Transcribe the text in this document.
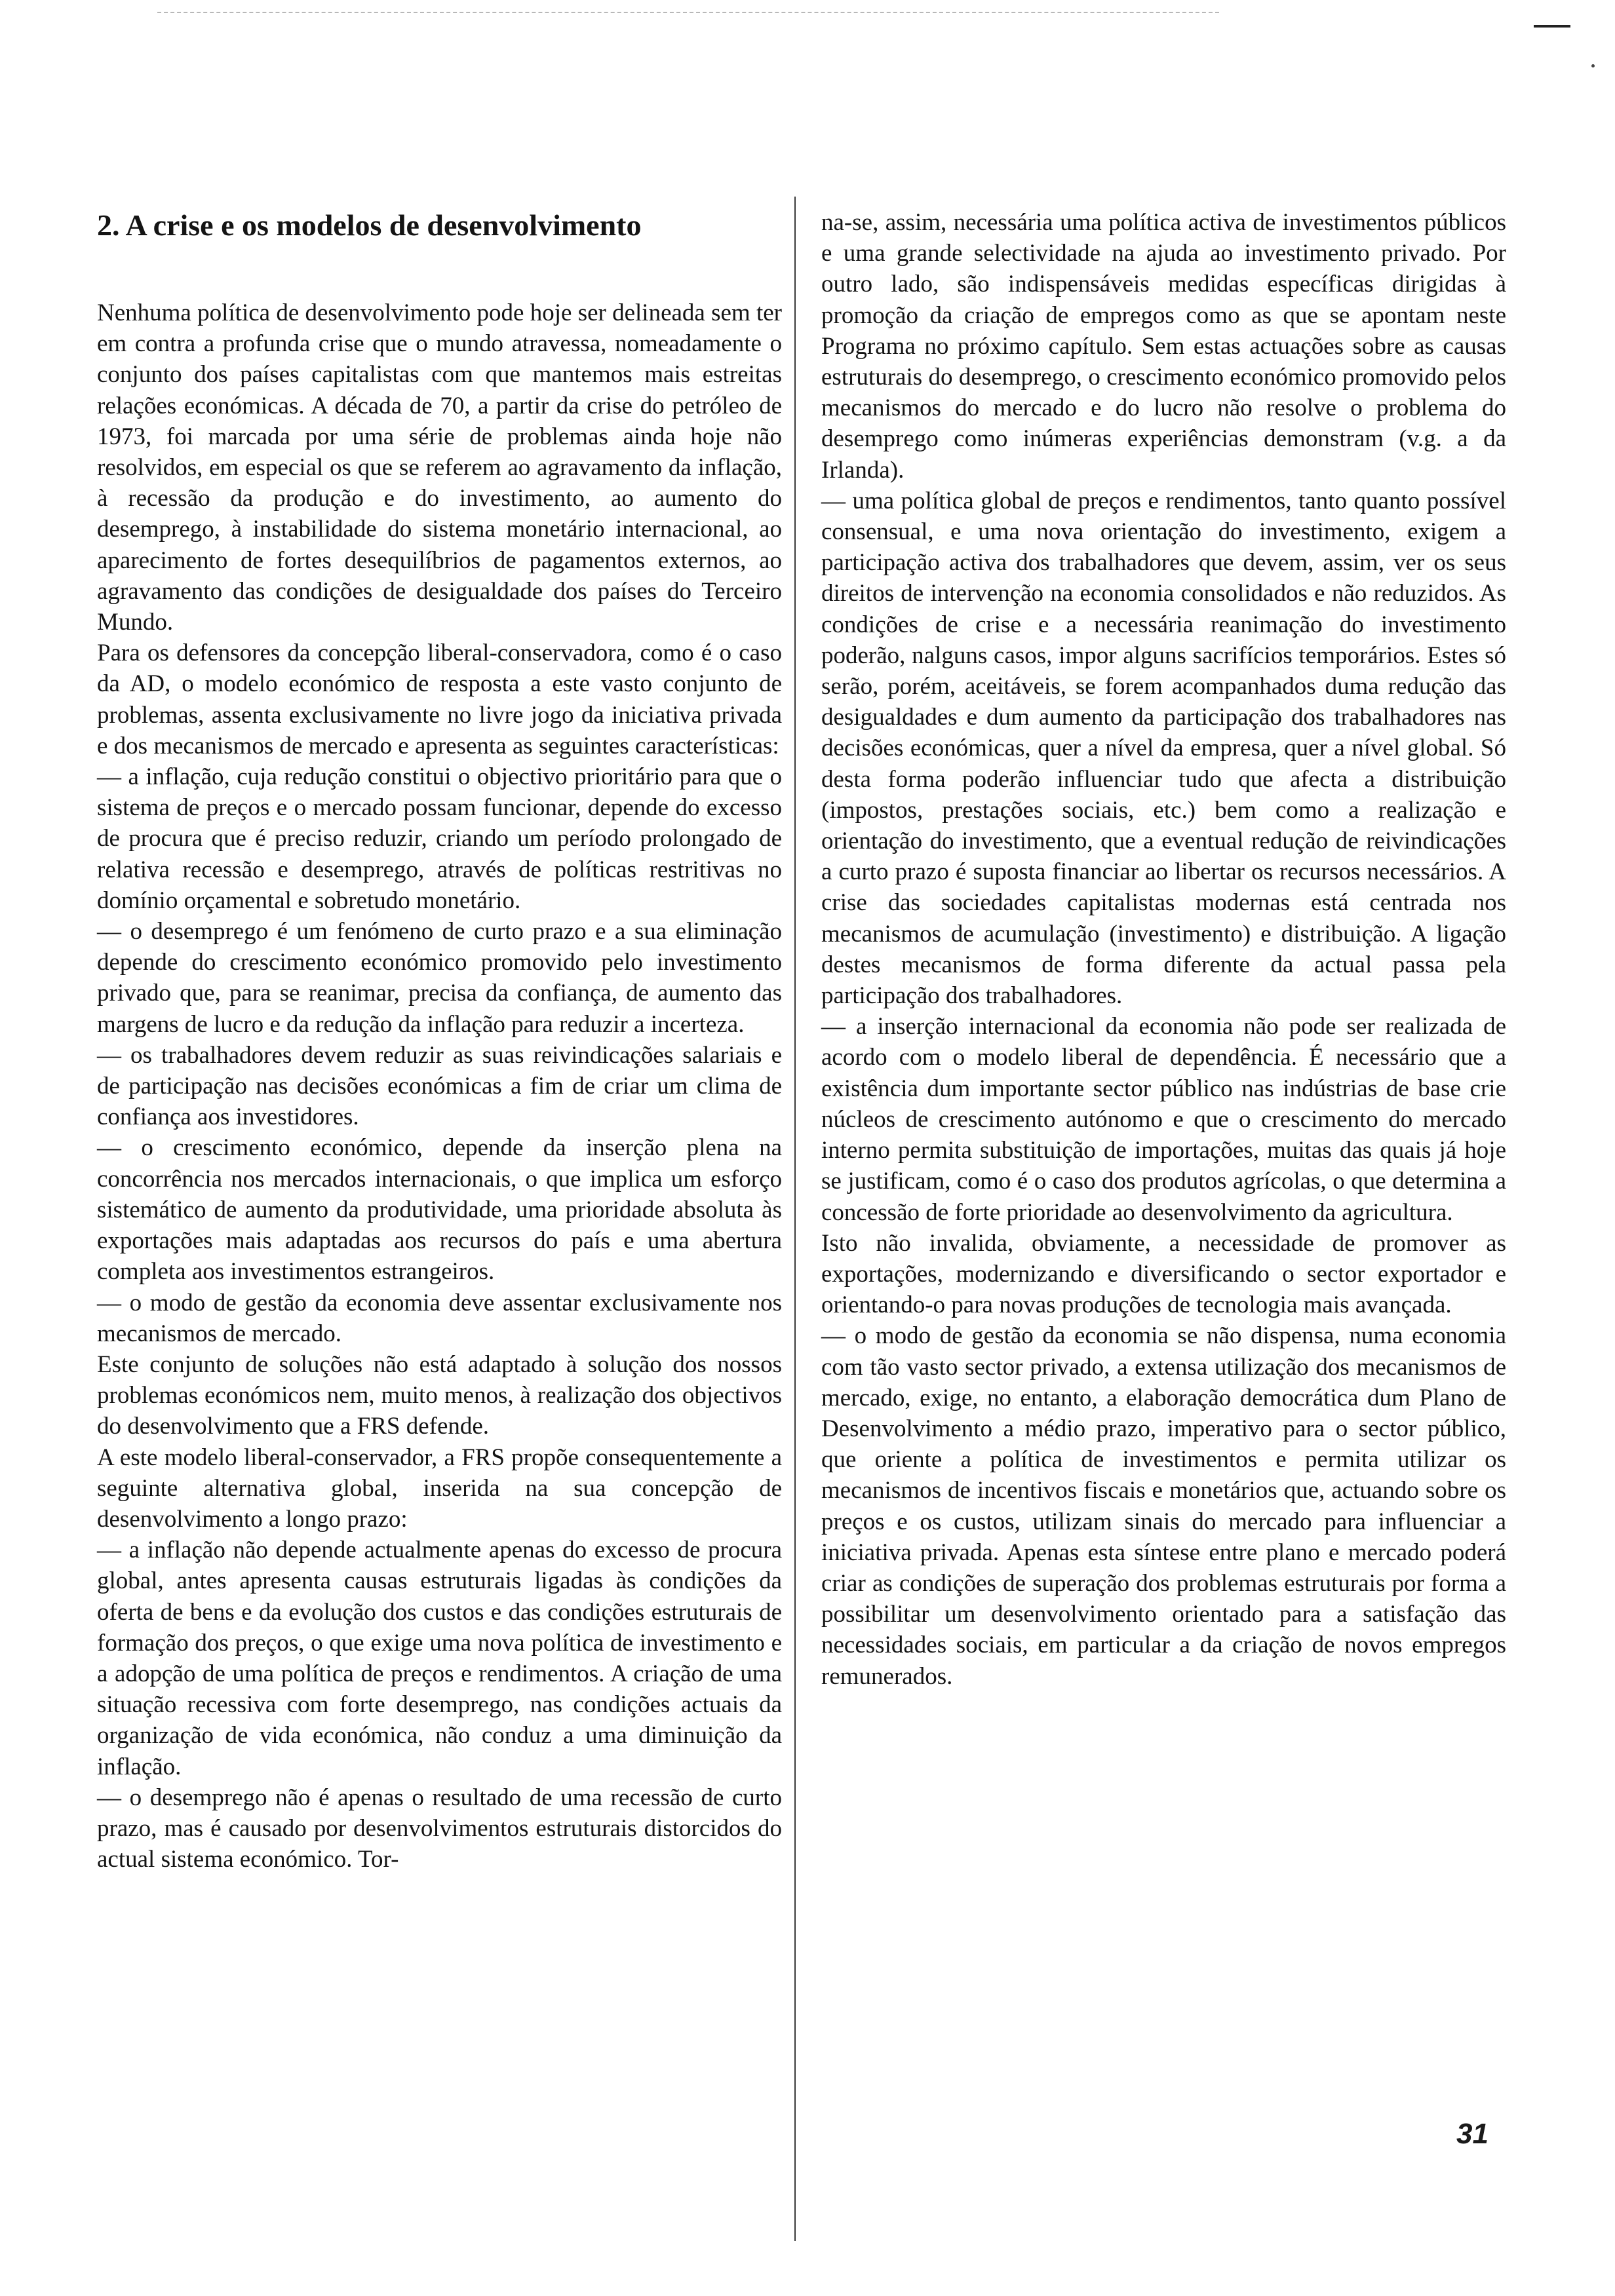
2. A crise e os modelos de desenvolvimento

Nenhuma política de desenvolvimento pode hoje ser delineada sem ter em contra a profunda crise que o mundo atravessa, nomeadamente o conjunto dos países capitalistas com que mantemos mais estreitas relações económicas. A década de 70, a partir da crise do petróleo de 1973, foi marcada por uma série de problemas ainda hoje não resolvidos, em especial os que se referem ao agravamento da inflação, à recessão da produção e do investimento, ao aumento do desemprego, à instabilidade do sistema monetário internacional, ao aparecimento de fortes desequilíbrios de pagamentos externos, ao agravamento das condições de desigualdade dos países do Terceiro Mundo.

Para os defensores da concepção liberal-conservadora, como é o caso da AD, o modelo económico de resposta a este vasto conjunto de problemas, assenta exclusivamente no livre jogo da iniciativa privada e dos mecanismos de mercado e apresenta as seguintes características:

— a inflação, cuja redução constitui o objectivo prioritário para que o sistema de preços e o mercado possam funcionar, depende do excesso de procura que é preciso reduzir, criando um período prolongado de relativa recessão e desemprego, através de políticas restritivas no domínio orçamental e sobretudo monetário.

— o desemprego é um fenómeno de curto prazo e a sua eliminação depende do crescimento económico promovido pelo investimento privado que, para se reanimar, precisa da confiança, de aumento das margens de lucro e da redução da inflação para reduzir a incerteza.

— os trabalhadores devem reduzir as suas reivindicações salariais e de participação nas decisões económicas a fim de criar um clima de confiança aos investidores.

— o crescimento económico, depende da inserção plena na concorrência nos mercados internacionais, o que implica um esforço sistemático de aumento da produtividade, uma prioridade absoluta às exportações mais adaptadas aos recursos do país e uma abertura completa aos investimentos estrangeiros.

— o modo de gestão da economia deve assentar exclusivamente nos mecanismos de mercado.

Este conjunto de soluções não está adaptado à solução dos nossos problemas económicos nem, muito menos, à realização dos objectivos do desenvolvimento que a FRS defende.

A este modelo liberal-conservador, a FRS propõe consequentemente a seguinte alternativa global, inserida na sua concepção de desenvolvimento a longo prazo:

— a inflação não depende actualmente apenas do excesso de procura global, antes apresenta causas estruturais ligadas às condições da oferta de bens e da evolução dos custos e das condições estruturais de formação dos preços, o que exige uma nova política de investimento e a adopção de uma política de preços e rendimentos. A criação de uma situação recessiva com forte desemprego, nas condições actuais da organização de vida económica, não conduz a uma diminuição da inflação.

— o desemprego não é apenas o resultado de uma recessão de curto prazo, mas é causado por desenvolvimentos estruturais distorcidos do actual sistema económico. Tor-

na-se, assim, necessária uma política activa de investimentos públicos e uma grande selectividade na ajuda ao investimento privado. Por outro lado, são indispensáveis medidas específicas dirigidas à promoção da criação de empregos como as que se apontam neste Programa no próximo capítulo. Sem estas actuações sobre as causas estruturais do desemprego, o crescimento económico promovido pelos mecanismos do mercado e do lucro não resolve o problema do desemprego como inúmeras experiências demonstram (v.g. a da Irlanda).

— uma política global de preços e rendimentos, tanto quanto possível consensual, e uma nova orientação do investimento, exigem a participação activa dos trabalhadores que devem, assim, ver os seus direitos de intervenção na economia consolidados e não reduzidos. As condições de crise e a necessária reanimação do investimento poderão, nalguns casos, impor alguns sacrifícios temporários. Estes só serão, porém, aceitáveis, se forem acompanhados duma redução das desigualdades e dum aumento da participação dos trabalhadores nas decisões económicas, quer a nível da empresa, quer a nível global. Só desta forma poderão influenciar tudo que afecta a distribuição (impostos, prestações sociais, etc.) bem como a realização e orientação do investimento, que a eventual redução de reivindicações a curto prazo é suposta financiar ao libertar os recursos necessários. A crise das sociedades capitalistas modernas está centrada nos mecanismos de acumulação (investimento) e distribuição. A ligação destes mecanismos de forma diferente da actual passa pela participação dos trabalhadores.

— a inserção internacional da economia não pode ser realizada de acordo com o modelo liberal de dependência. É necessário que a existência dum importante sector público nas indústrias de base crie núcleos de crescimento autónomo e que o crescimento do mercado interno permita substituição de importações, muitas das quais já hoje se justificam, como é o caso dos produtos agrícolas, o que determina a concessão de forte prioridade ao desenvolvimento da agricultura.

Isto não invalida, obviamente, a necessidade de promover as exportações, modernizando e diversificando o sector exportador e orientando-o para novas produções de tecnologia mais avançada.

— o modo de gestão da economia se não dispensa, numa economia com tão vasto sector privado, a extensa utilização dos mecanismos de mercado, exige, no entanto, a elaboração democrática dum Plano de Desenvolvimento a médio prazo, imperativo para o sector público, que oriente a política de investimentos e permita utilizar os mecanismos de incentivos fiscais e monetários que, actuando sobre os preços e os custos, utilizam sinais do mercado para influenciar a iniciativa privada. Apenas esta síntese entre plano e mercado poderá criar as condições de superação dos problemas estruturais por forma a possibilitar um desenvolvimento orientado para a satisfação das necessidades sociais, em particular a da criação de novos empregos remunerados.

31
